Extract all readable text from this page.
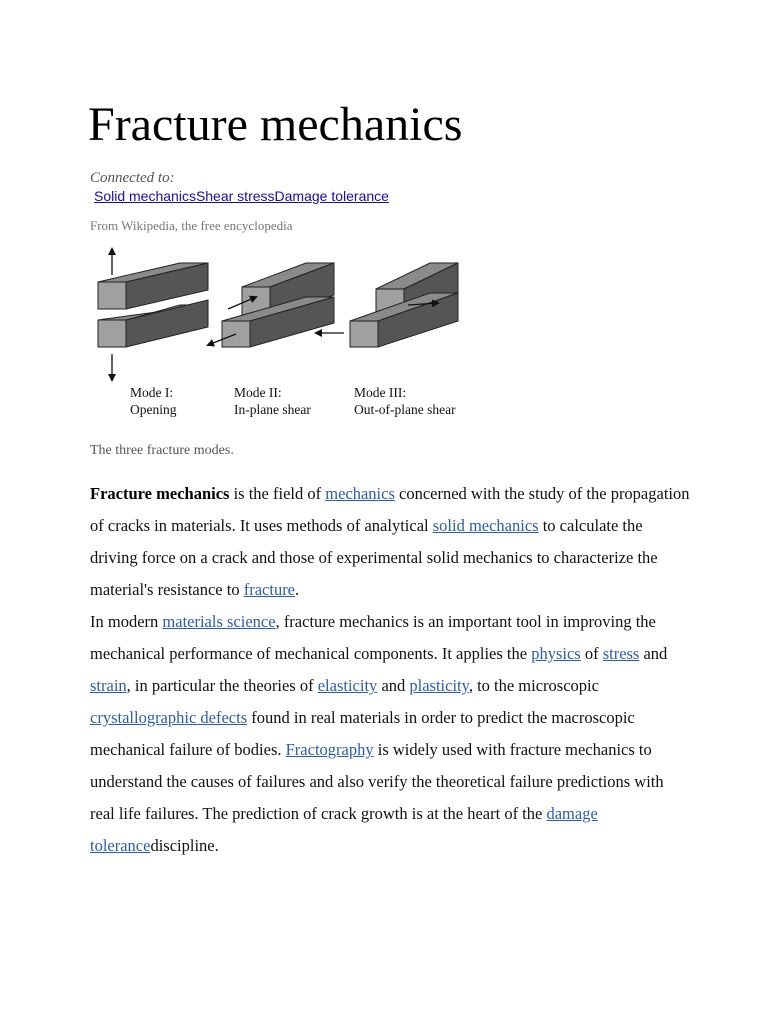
Fracture mechanics
Connected to:
Solid mechanicsShear stressDamage tolerance
From Wikipedia, the free encyclopedia
Mode I:
Opening
Mode II:
In-plane shear
Mode III:
Out-of-plane shear
The three fracture modes.

Fracture mechanics is the field of mechanics concerned with the study of the propagation of cracks in materials. It uses methods of analytical solid mechanics to calculate the driving force on a crack and those of experimental solid mechanics to characterize the material's resistance to fracture.

In modern materials science, fracture mechanics is an important tool in improving the mechanical performance of mechanical components. It applies the physics of stress and strain, in particular the theories of elasticity and plasticity, to the microscopic crystallographic defects found in real materials in order to predict the macroscopic mechanical failure of bodies. Fractography is widely used with fracture mechanics to understand the causes of failures and also verify the theoretical failure predictions with real life failures. The prediction of crack growth is at the heart of the damage tolerancediscipline.
